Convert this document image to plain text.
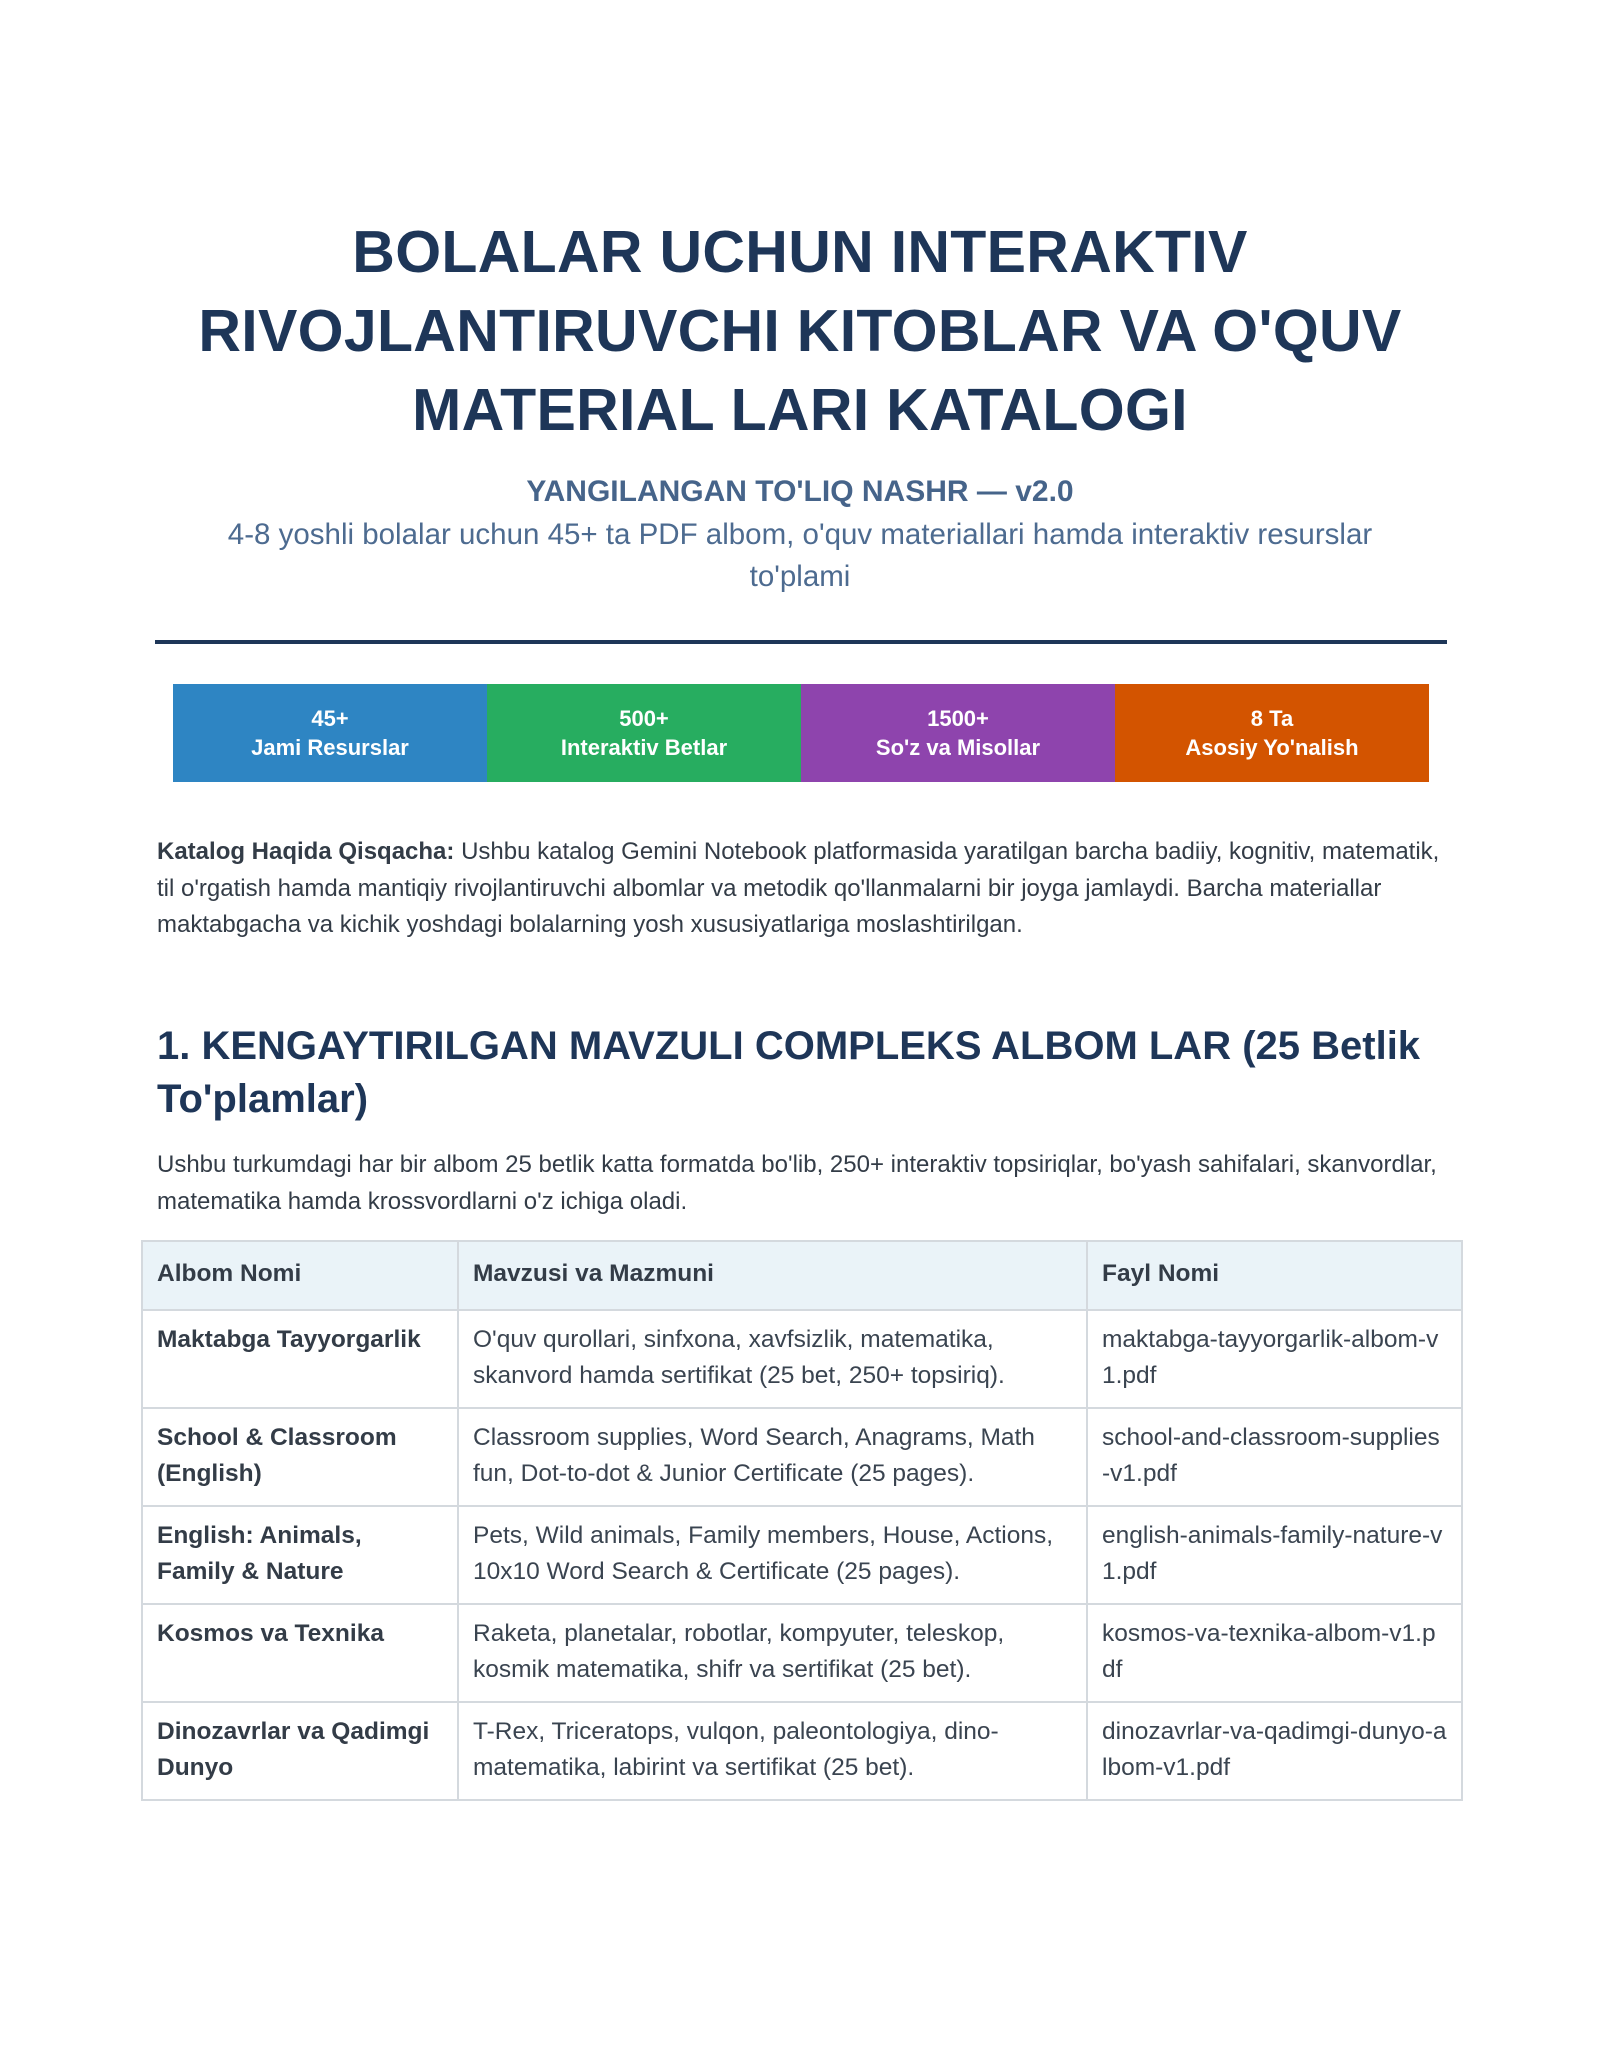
BOLALAR UCHUN INTERAKTIV RIVOJLANTIRUVCHI KITOBLAR VA O'QUV MATERIAL LARI KATALOGI
YANGILANGAN TO'LIQ NASHR — v2.0
4-8 yoshli bolalar uchun 45+ ta PDF albom, o'quv materiallari hamda interaktiv resurslar to'plami
45+
Jami Resurslar
500+
Interaktiv Betlar
1500+
So'z va Misollar
8 Ta
Asosiy Yo'nalish

Katalog Haqida Qisqacha: Ushbu katalog Gemini Notebook platformasida yaratilgan barcha badiiy, kognitiv, matematik, til o'rgatish hamda mantiqiy rivojlantiruvchi albomlar va metodik qo'llanmalarni bir joyga jamlaydi. Barcha materiallar maktabgacha va kichik yoshdagi bolalarning yosh xususiyatlariga moslashtirilgan.

1. KENGAYTIRILGAN MAVZULI COMPLEKS ALBOM LAR (25 Betlik To'plamlar)

Ushbu turkumdagi har bir albom 25 betlik katta formatda bo'lib, 250+ interaktiv topsiriqlar, bo'yash sahifalari, skanvordlar, matematika hamda krossvordlarni o'z ichiga oladi.

Albom Nomi	Mavzusi va Mazmuni	Fayl Nomi
Maktabga Tayyorgarlik	O'quv qurollari, sinfxona, xavfsizlik, matematika, skanvord hamda sertifikat (25 bet, 250+ topsiriq).	maktabga-tayyorgarlik-albom-v1.pdf
School & Classroom (English)	Classroom supplies, Word Search, Anagrams, Math fun, Dot-to-dot & Junior Certificate (25 pages).	school-and-classroom-supplies-v1.pdf
English: Animals, Family & Nature	Pets, Wild animals, Family members, House, Actions, 10x10 Word Search & Certificate (25 pages).	english-animals-family-nature-v1.pdf
Kosmos va Texnika	Raketa, planetalar, robotlar, kompyuter, teleskop, kosmik matematika, shifr va sertifikat (25 bet).	kosmos-va-texnika-albom-v1.pdf
Dinozavrlar va Qadimgi Dunyo	T-Rex, Triceratops, vulqon, paleontologiya, dino-matematika, labirint va sertifikat (25 bet).	dinozavrlar-va-qadimgi-dunyo-albom-v1.pdf
